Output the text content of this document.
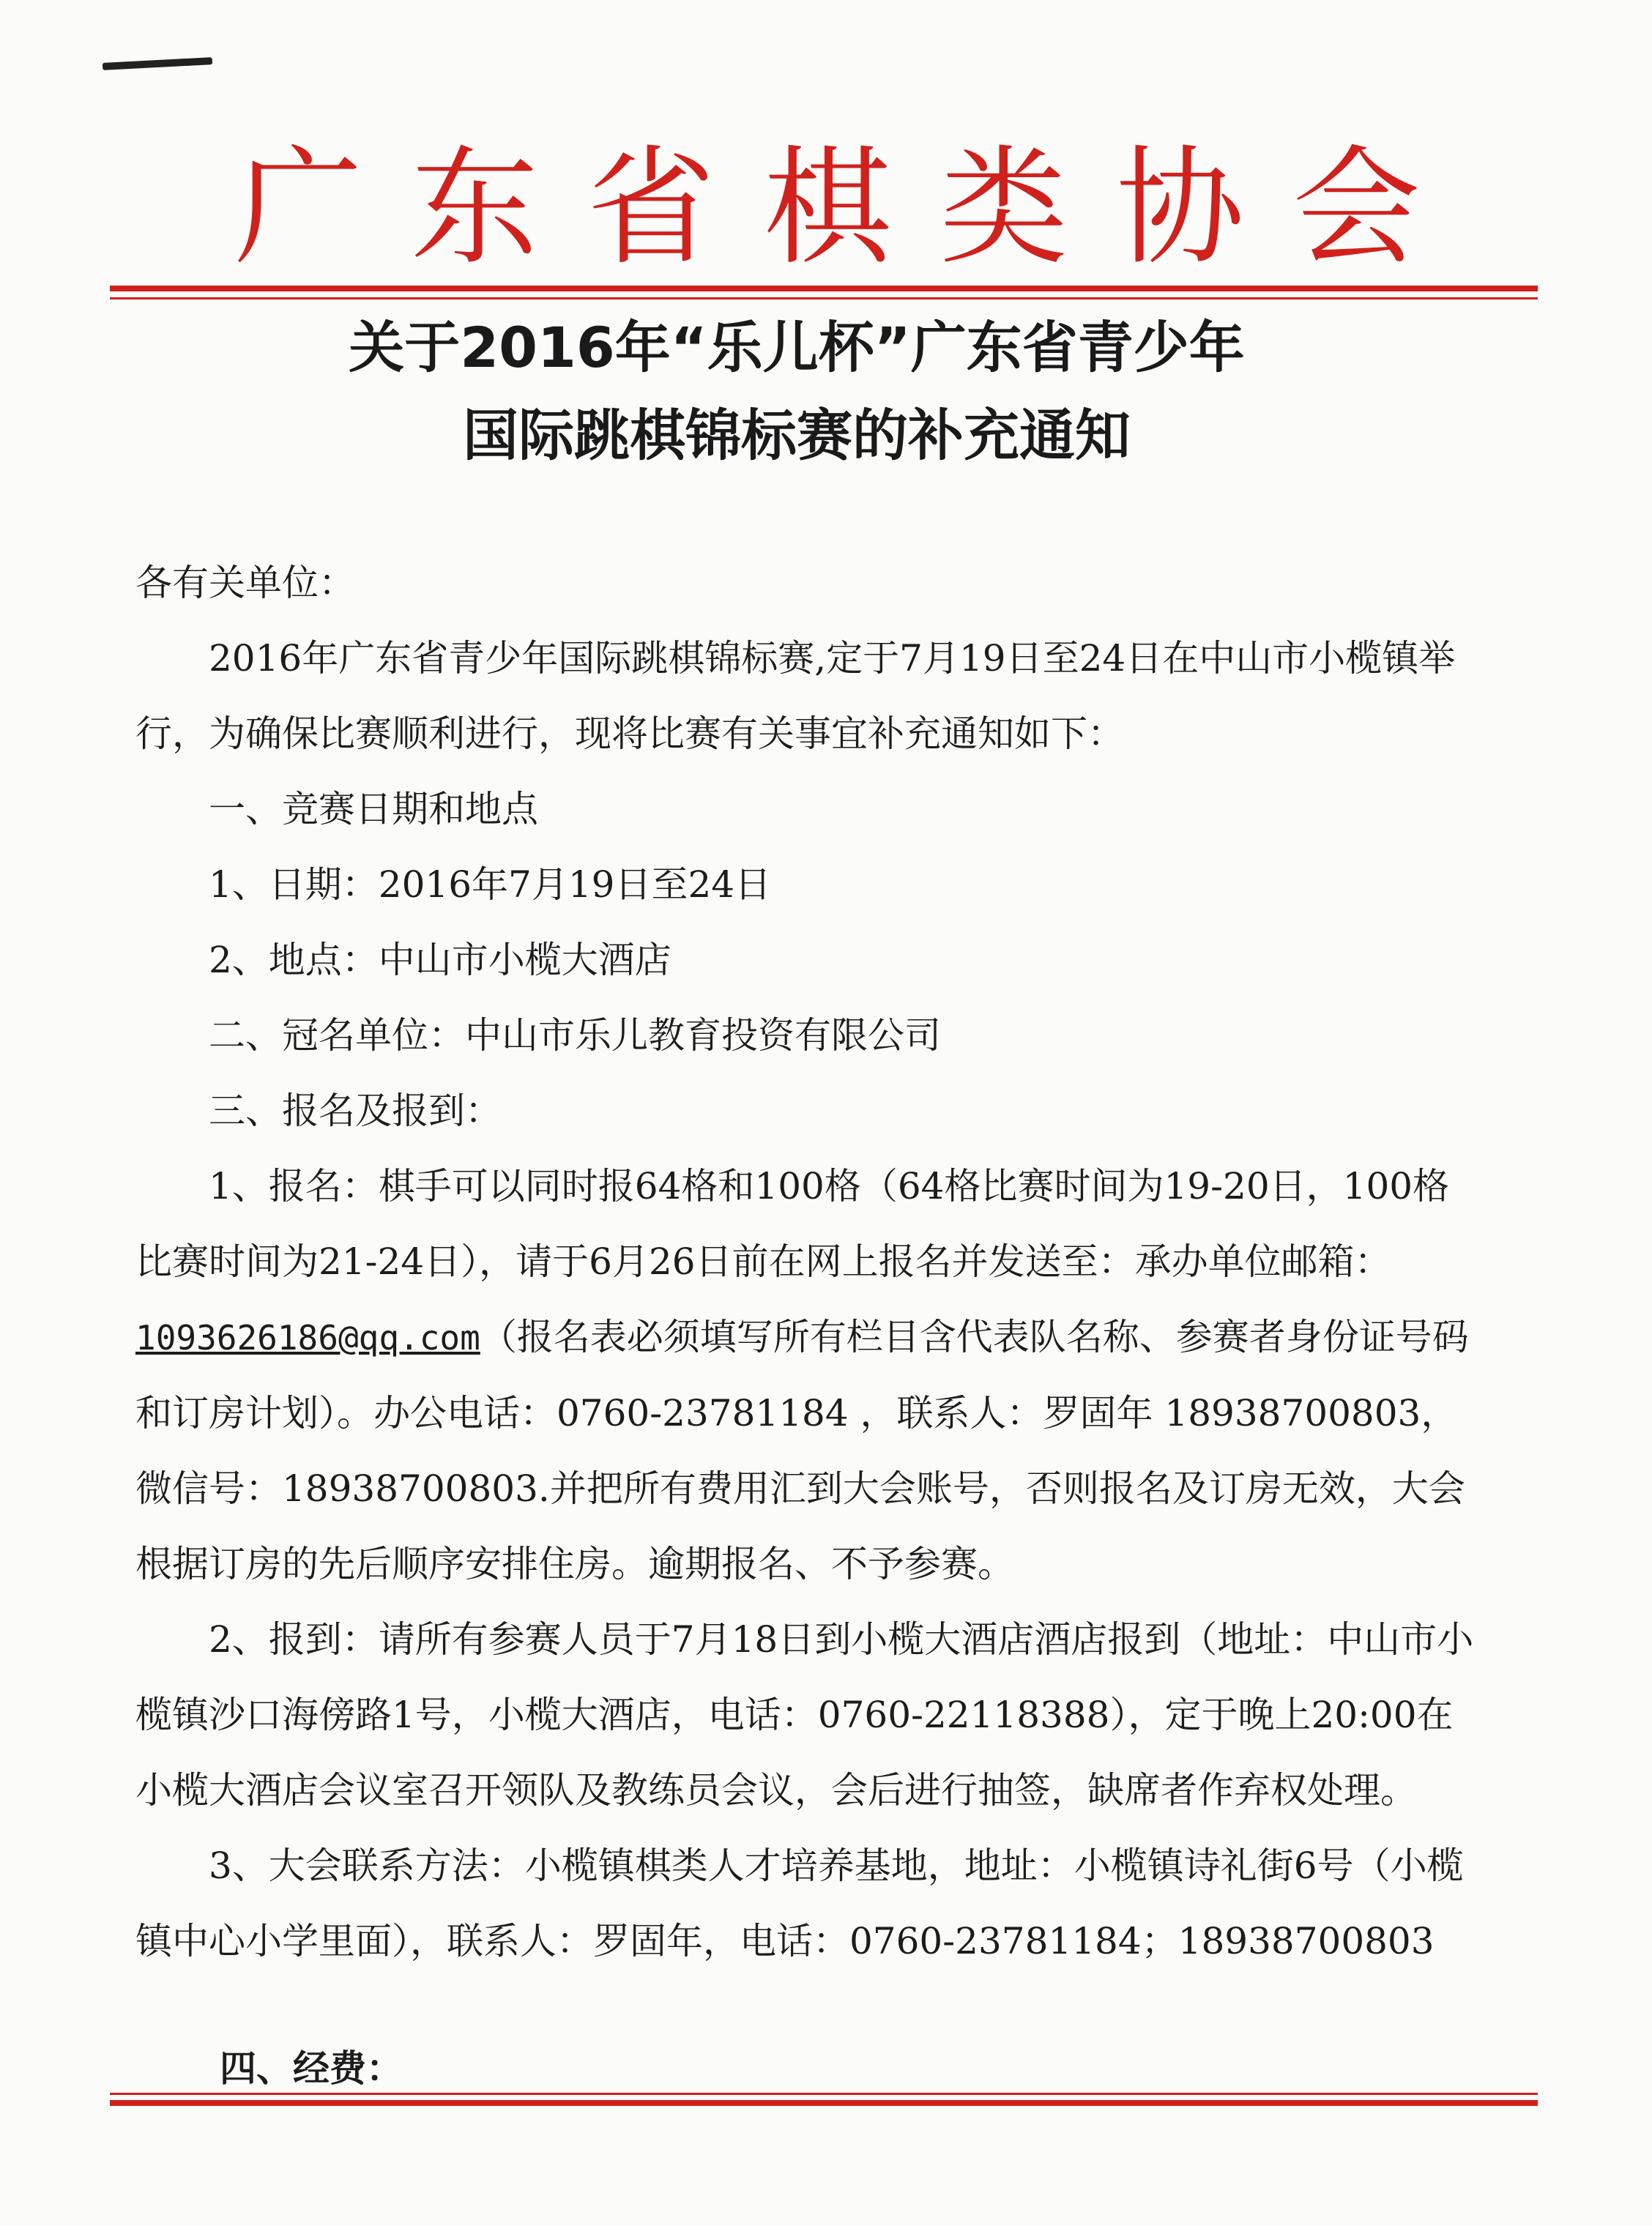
广 东 省 棋 类 协 会
关于2016年“乐儿杯”广东省青少年
国际跳棋锦标赛的补充通知

各有关单位：

2016年广东省青少年国际跳棋锦标赛,定于7月19日至24日在中山市小榄镇举行，为确保比赛顺利进行，现将比赛有关事宜补充通知如下：

一、竞赛日期和地点

1、日期：2016年7月19日至24日

2、地点：中山市小榄大酒店

二、冠名单位：中山市乐儿教育投资有限公司

三、报名及报到：

1、报名：棋手可以同时报64格和100格（64格比赛时间为19-20日，100格比赛时间为21-24日），请于6月26日前在网上报名并发送至：承办单位邮箱：1093626186@qq.com（报名表必须填写所有栏目含代表队名称、参赛者身份证号码和订房计划）。办公电话：0760-23781184 ，联系人：罗固年 18938700803，微信号：18938700803.并把所有费用汇到大会账号，否则报名及订房无效，大会根据订房的先后顺序安排住房。逾期报名、不予参赛。

2、报到：请所有参赛人员于7月18日到小榄大酒店酒店报到（地址：中山市小榄镇沙口海傍路1号，小榄大酒店，电话：0760-22118388），定于晚上20:00在小榄大酒店会议室召开领队及教练员会议，会后进行抽签，缺席者作弃权处理。

3、大会联系方法：小榄镇棋类人才培养基地，地址：小榄镇诗礼街6号（小榄镇中心小学里面），联系人：罗固年，电话：0760-23781184；18938700803

四、经费：
